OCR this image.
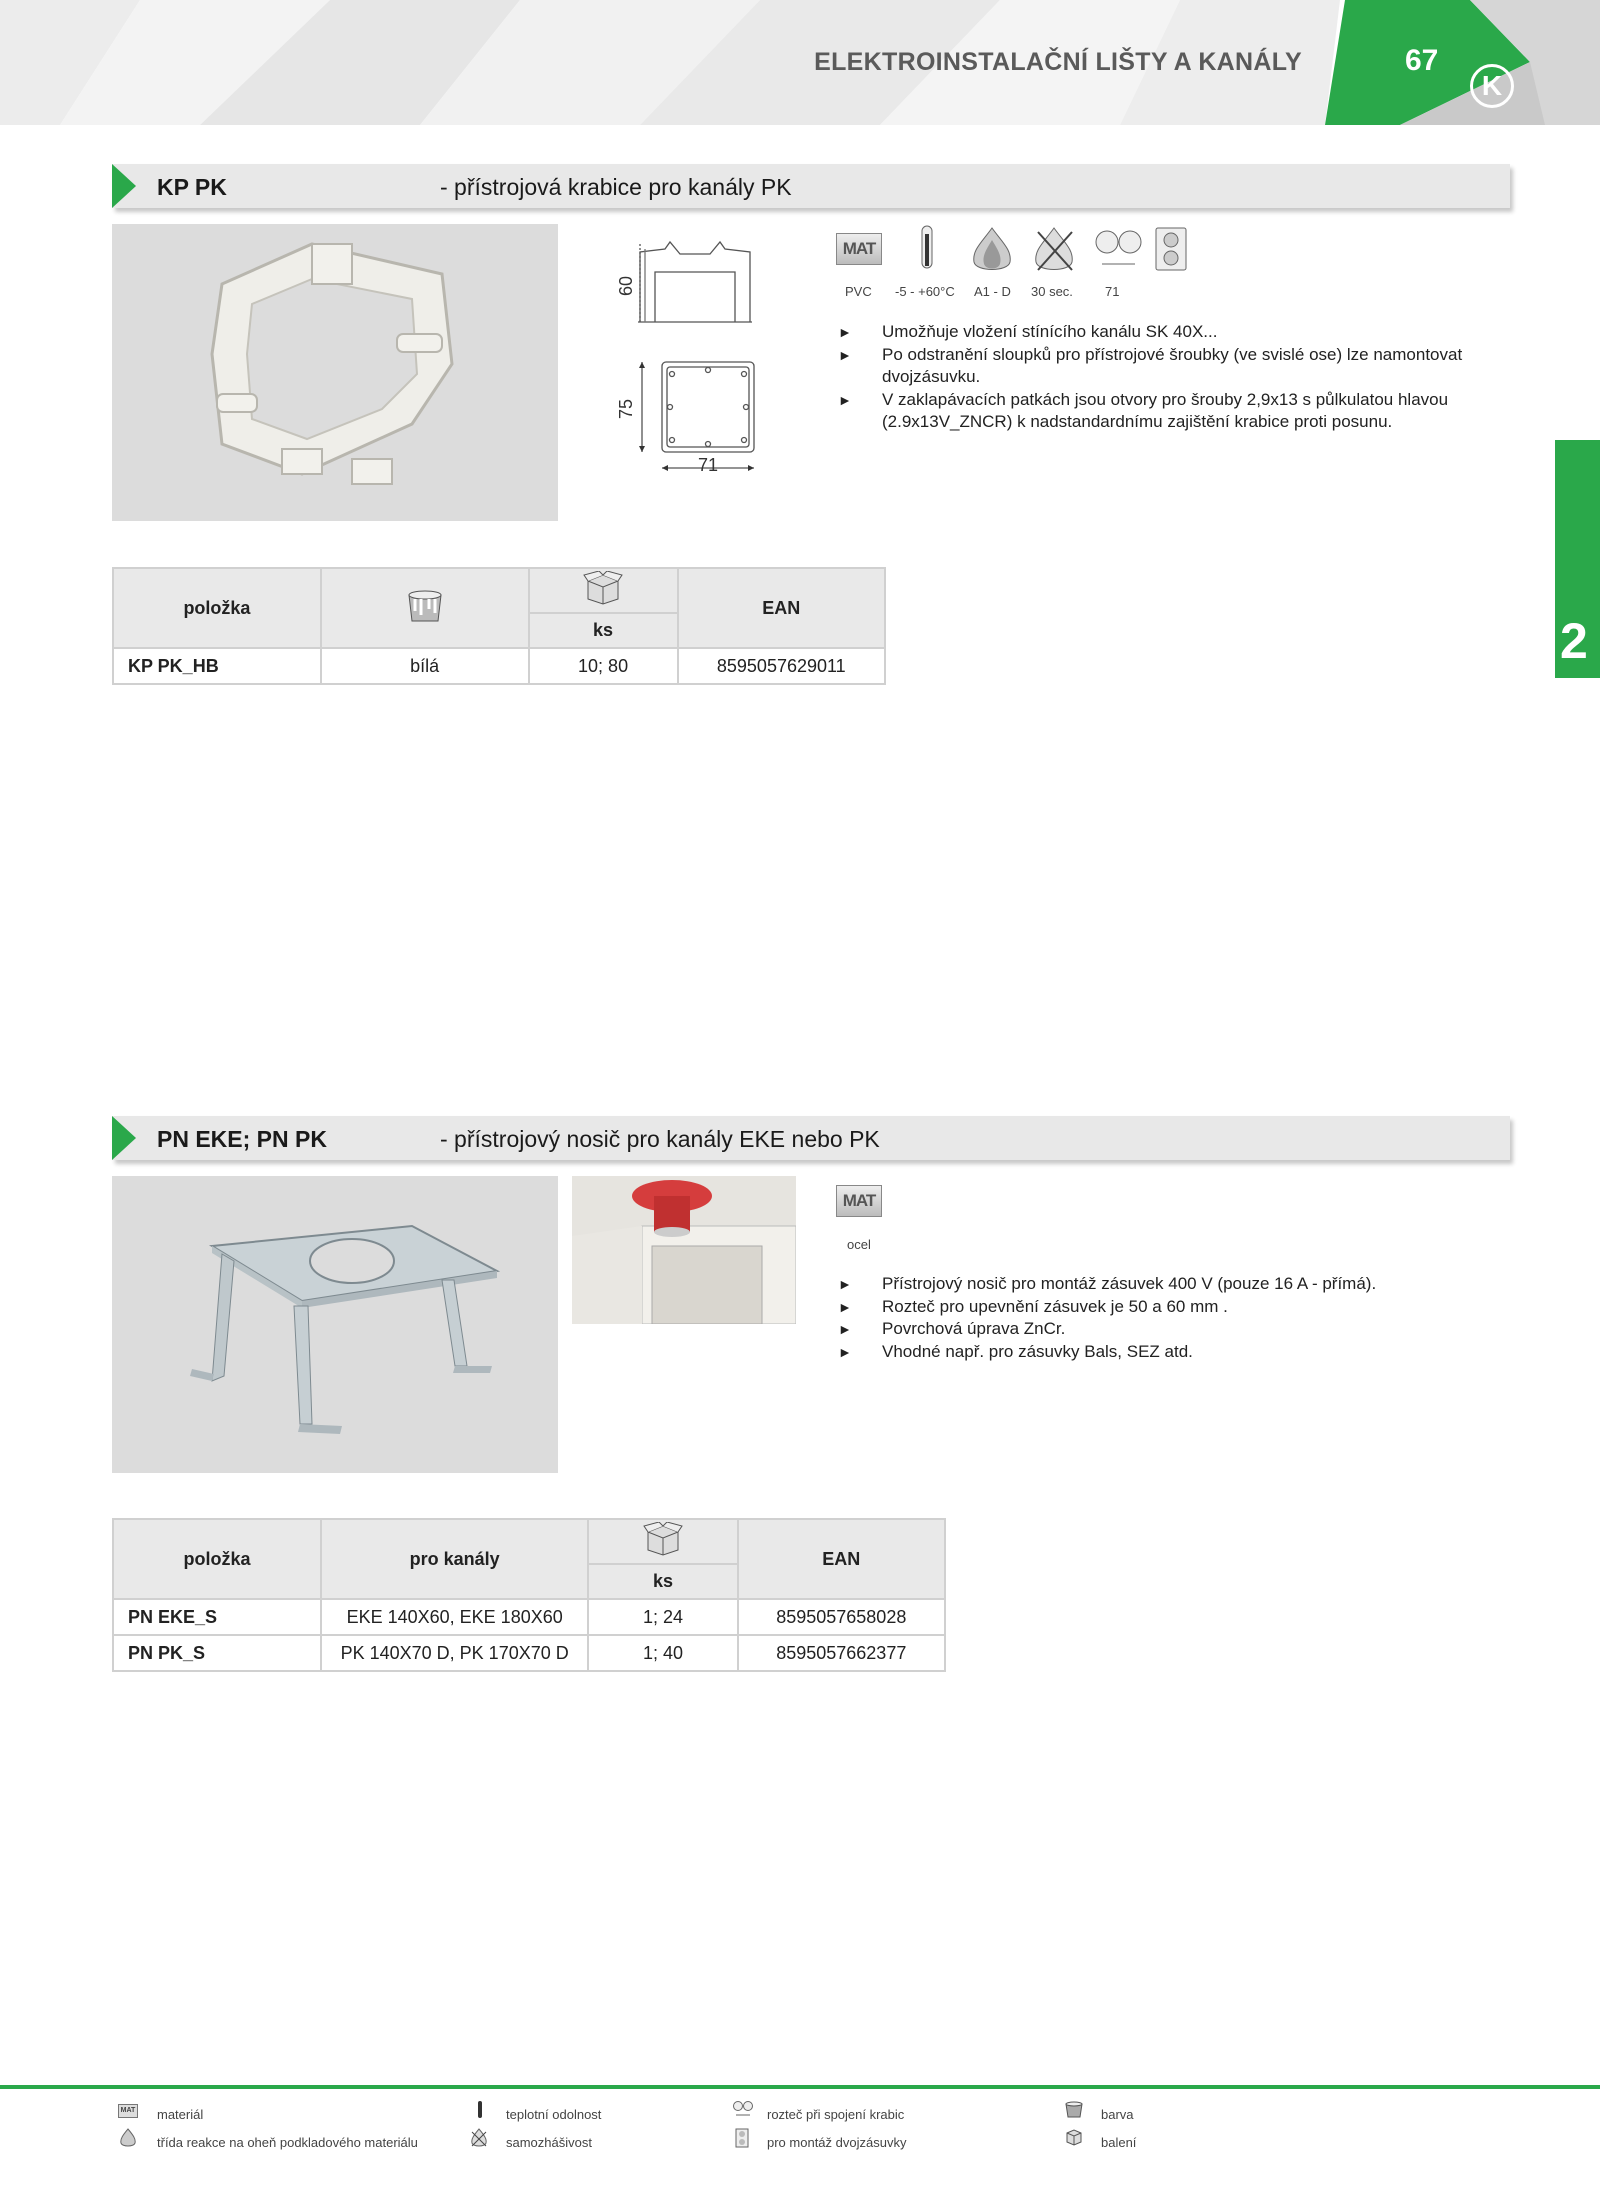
ELEKTROINSTALAČNÍ LIŠTY A KANÁLY	67
K
2
KP PK	- přístrojová krabice pro kanály PK
60
75
71
MAT
PVC -5 - +60°C A1 - D 30 sec. 71
► Umožňuje vložení stínícího kanálu SK 40X...
► Po odstranění sloupků pro přístrojové šroubky (ve svislé ose) lze namontovat dvojzásuvku.
► V zaklapávacích patkách jsou otvory pro šrouby 2,9x13 s půlkulatou hlavou (2.9x13V_ZNCR) k nadstandardnímu zajištění krabice proti posunu.
položka			EAN
		ks	
KP PK_HB	bílá	10; 80	8595057629011
PN EKE; PN PK	- přístrojový nosič pro kanály EKE nebo PK
MAT
ocel
► Přístrojový nosič pro montáž zásuvek 400 V (pouze 16 A - přímá).
► Rozteč pro upevnění zásuvek je 50 a 60 mm .
► Povrchová úprava ZnCr.
► Vhodné např. pro zásuvky Bals, SEZ atd.
položka	pro kanály		EAN
		ks	
PN EKE_S	EKE 140X60, EKE 180X60	1; 24	8595057658028
PN PK_S	PK 140X70 D, PK 170X70 D	1; 40	8595057662377
MAT materiál	teplotní odolnost	rozteč při spojení krabic	barva
třída reakce na oheň podkladového materiálu	samozhášivost	pro montáž dvojzásuvky	balení
